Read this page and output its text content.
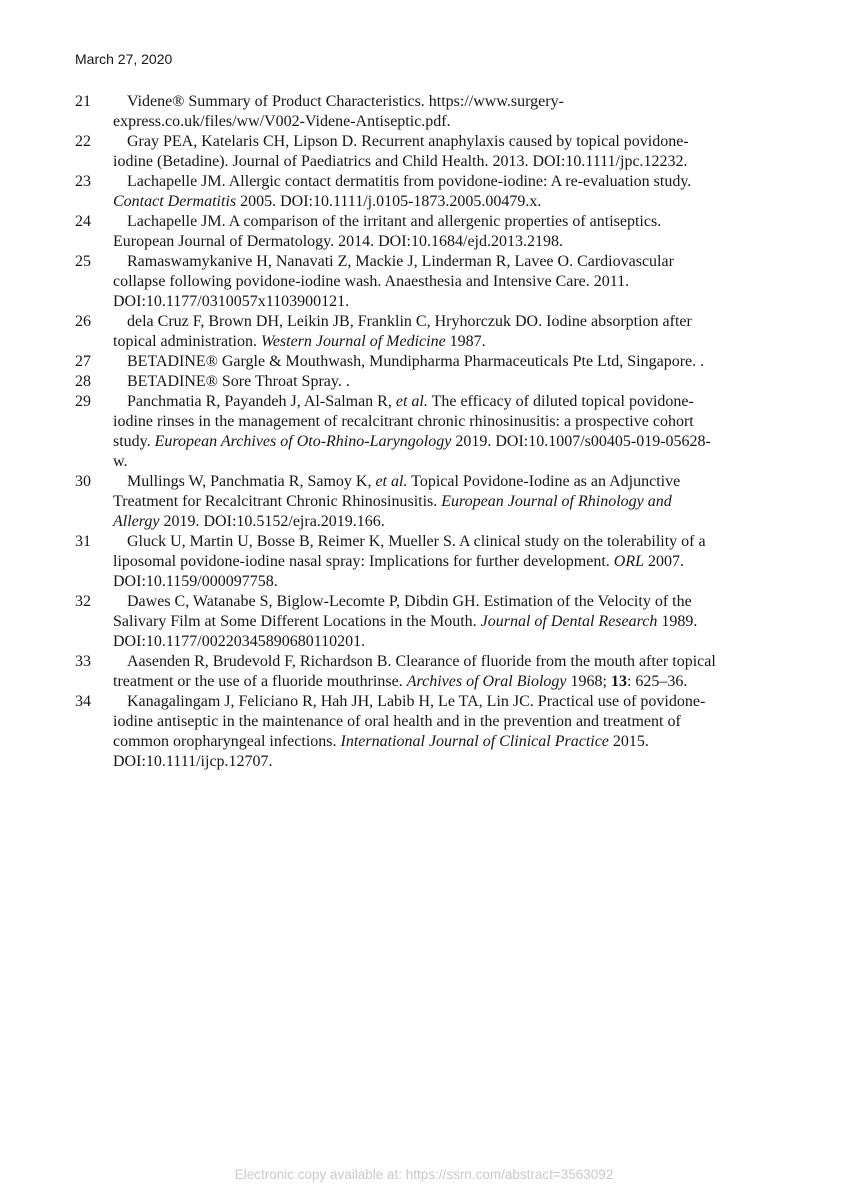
March 27, 2020
21	Videne® Summary of Product Characteristics. https://www.surgery-
express.co.uk/files/ww/V002-Videne-Antiseptic.pdf.
22	Gray PEA, Katelaris CH, Lipson D. Recurrent anaphylaxis caused by topical povidone-
iodine (Betadine). Journal of Paediatrics and Child Health. 2013. DOI:10.1111/jpc.12232.
23	Lachapelle JM. Allergic contact dermatitis from povidone-iodine: A re-evaluation study.
Contact Dermatitis 2005. DOI:10.1111/j.0105-1873.2005.00479.x.
24	Lachapelle JM. A comparison of the irritant and allergenic properties of antiseptics.
European Journal of Dermatology. 2014. DOI:10.1684/ejd.2013.2198.
25	Ramaswamykanive H, Nanavati Z, Mackie J, Linderman R, Lavee O. Cardiovascular
collapse following povidone-iodine wash. Anaesthesia and Intensive Care. 2011.
DOI:10.1177/0310057x1103900121.
26	dela Cruz F, Brown DH, Leikin JB, Franklin C, Hryhorczuk DO. Iodine absorption after
topical administration. Western Journal of Medicine 1987.
27	BETADINE® Gargle & Mouthwash, Mundipharma Pharmaceuticals Pte Ltd, Singapore. .
28	BETADINE® Sore Throat Spray. .
29	Panchmatia R, Payandeh J, Al-Salman R, et al. The efficacy of diluted topical povidone-
iodine rinses in the management of recalcitrant chronic rhinosinusitis: a prospective cohort
study. European Archives of Oto-Rhino-Laryngology 2019. DOI:10.1007/s00405-019-05628-
w.
30	Mullings W, Panchmatia R, Samoy K, et al. Topical Povidone-Iodine as an Adjunctive
Treatment for Recalcitrant Chronic Rhinosinusitis. European Journal of Rhinology and
Allergy 2019. DOI:10.5152/ejra.2019.166.
31	Gluck U, Martin U, Bosse B, Reimer K, Mueller S. A clinical study on the tolerability of a
liposomal povidone-iodine nasal spray: Implications for further development. ORL 2007.
DOI:10.1159/000097758.
32	Dawes C, Watanabe S, Biglow-Lecomte P, Dibdin GH. Estimation of the Velocity of the
Salivary Film at Some Different Locations in the Mouth. Journal of Dental Research 1989.
DOI:10.1177/00220345890680110201.
33	Aasenden R, Brudevold F, Richardson B. Clearance of fluoride from the mouth after topical
treatment or the use of a fluoride mouthrinse. Archives of Oral Biology 1968; 13: 625–36.
34	Kanagalingam J, Feliciano R, Hah JH, Labib H, Le TA, Lin JC. Practical use of povidone-
iodine antiseptic in the maintenance of oral health and in the prevention and treatment of
common oropharyngeal infections. International Journal of Clinical Practice 2015.
DOI:10.1111/ijcp.12707.
Electronic copy available at: https://ssrn.com/abstract=3563092
